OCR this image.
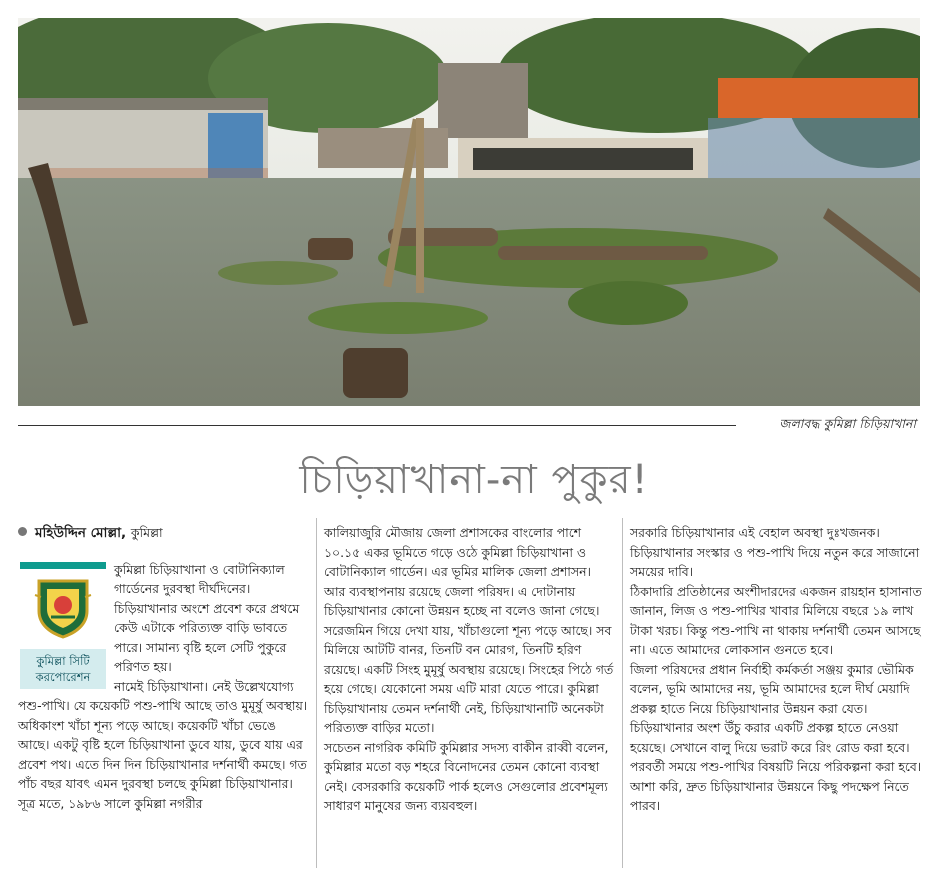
জলাবদ্ধ কুমিল্লা চিড়িয়াখানা
চিড়িয়াখানা-না পুকুর!
মহিউদ্দিন মোল্লা, কুমিল্লা
কুমিল্লা সিটি করপোরেশন

কুমিল্লা চিড়িয়াখানা ও বোটানিক্যাল গার্ডেনের দুরবস্থা দীর্ঘদিনের। চিড়িয়াখানার অংশে প্রবেশ করে প্রথমে কেউ এটাকে পরিত্যক্ত বাড়ি ভাবতে পারে। সামান্য বৃষ্টি হলে সেটি পুকুরে পরিণত হয়।

নামেই চিড়িয়াখানা। নেই উল্লেখযোগ্য পশু-পাখি। যে কয়েকটি পশু-পাখি আছে তাও মুমূর্ষু অবস্থায়। অধিকাংশ খাঁচা শূন্য পড়ে আছে। কয়েকটি খাঁচা ভেঙে আছে। একটু বৃষ্টি হলে চিড়িয়াখানা ডুবে যায়, ডুবে যায় এর প্রবেশ পথ। এতে দিন দিন চিড়িয়াখানার দর্শনার্থী কমছে। গত পাঁচ বছর যাবৎ এমন দুরবস্থা চলছে কুমিল্লা চিড়িয়াখানার।

সূত্র মতে, ১৯৮৬ সালে কুমিল্লা নগরীর

কালিয়াজুরি মৌজায় জেলা প্রশাসকের বাংলোর পাশে ১০.১৫ একর ভূমিতে গড়ে ওঠে কুমিল্লা চিড়িয়াখানা ও বোটানিক্যাল গার্ডেন। এর ভূমির মালিক জেলা প্রশাসন। আর ব্যবস্থাপনায় রয়েছে জেলা পরিষদ। এ দোটানায় চিড়িয়াখানার কোনো উন্নয়ন হচ্ছে না বলেও জানা গেছে।

সরেজমিন গিয়ে দেখা যায়, খাঁচাগুলো শূন্য পড়ে আছে। সব মিলিয়ে আটটি বানর, তিনটি বন মোরগ, তিনটি হরিণ রয়েছে। একটি সিংহ মুমূর্ষু অবস্থায় রয়েছে। সিংহের পিঠে গর্ত হয়ে গেছে। যেকোনো সময় এটি মারা যেতে পারে। কুমিল্লা চিড়িয়াখানায় তেমন দর্শনার্থী নেই, চিড়িয়াখানাটি অনেকটা পরিত্যক্ত বাড়ির মতো।

সচেতন নাগরিক কমিটি কুমিল্লার সদস্য বাকীন রাব্বী বলেন, কুমিল্লার মতো বড় শহরে বিনোদনের তেমন কোনো ব্যবস্থা নেই। বেসরকারি কয়েকটি পার্ক হলেও সেগুলোর প্রবেশমূল্য সাধারণ মানুষের জন্য ব্যয়বহুল।

সরকারি চিড়িয়াখানার এই বেহাল অবস্থা দুঃখজনক। চিড়িয়াখানার সংস্কার ও পশু-পাখি দিয়ে নতুন করে সাজানো সময়ের দাবি।

ঠিকাদারি প্রতিষ্ঠানের অংশীদারদের একজন রায়হান হাসানাত জানান, লিজ ও পশু-পাখির খাবার মিলিয়ে বছরে ১৯ লাখ টাকা খরচ। কিন্তু পশু-পাখি না থাকায় দর্শনার্থী তেমন আসছে না। এতে আমাদের লোকসান গুনতে হবে।

জিলা পরিষদের প্রধান নির্বাহী কর্মকর্তা সঞ্জয় কুমার ভৌমিক বলেন, ভূমি আমাদের নয়, ভূমি আমাদের হলে দীর্ঘ মেয়াদি প্রকল্প হাতে নিয়ে চিড়িয়াখানার উন্নয়ন করা যেত।

চিড়িয়াখানার অংশ উঁচু করার একটি প্রকল্প হাতে নেওয়া হয়েছে। সেখানে বালু দিয়ে ভরাট করে রিং রোড করা হবে। পরবর্তী সময়ে পশু-পাখির বিষয়টি নিয়ে পরিকল্পনা করা হবে। আশা করি, দ্রুত চিড়িয়াখানার উন্নয়নে কিছু পদক্ষেপ নিতে পারব।
